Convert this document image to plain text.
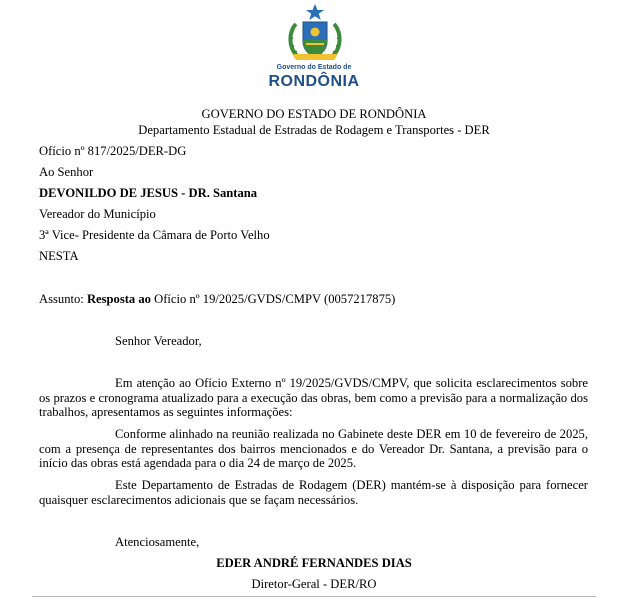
Governo do Estado de
RONDÔNIA
GOVERNO DO ESTADO DE RONDÔNIA
Departamento Estadual de Estradas de Rodagem e Transportes - DER
Ofício nº 817/2025/DER-DG
Ao Senhor
DEVONILDO DE JESUS - DR. Santana
Vereador do Município
3ª Vice- Presidente da Câmara de Porto Velho
NESTA
Assunto: Resposta ao Ofício nº 19/2025/GVDS/CMPV (0057217875)
Senhor Vereador,
Em atenção ao Ofício Externo nº 19/2025/GVDS/CMPV, que solicita esclarecimentos sobre os prazos e cronograma atualizado para a execução das obras, bem como a previsão para a normalização dos trabalhos, apresentamos as seguintes informações:
Conforme alinhado na reunião realizada no Gabinete deste DER em 10 de fevereiro de 2025, com a presença de representantes dos bairros mencionados e do Vereador Dr. Santana, a previsão para o início das obras está agendada para o dia 24 de março de 2025.
Este Departamento de Estradas de Rodagem (DER) mantém-se à disposição para fornecer quaisquer esclarecimentos adicionais que se façam necessários.
Atenciosamente,
EDER ANDRÉ FERNANDES DIAS
Diretor-Geral - DER/RO
